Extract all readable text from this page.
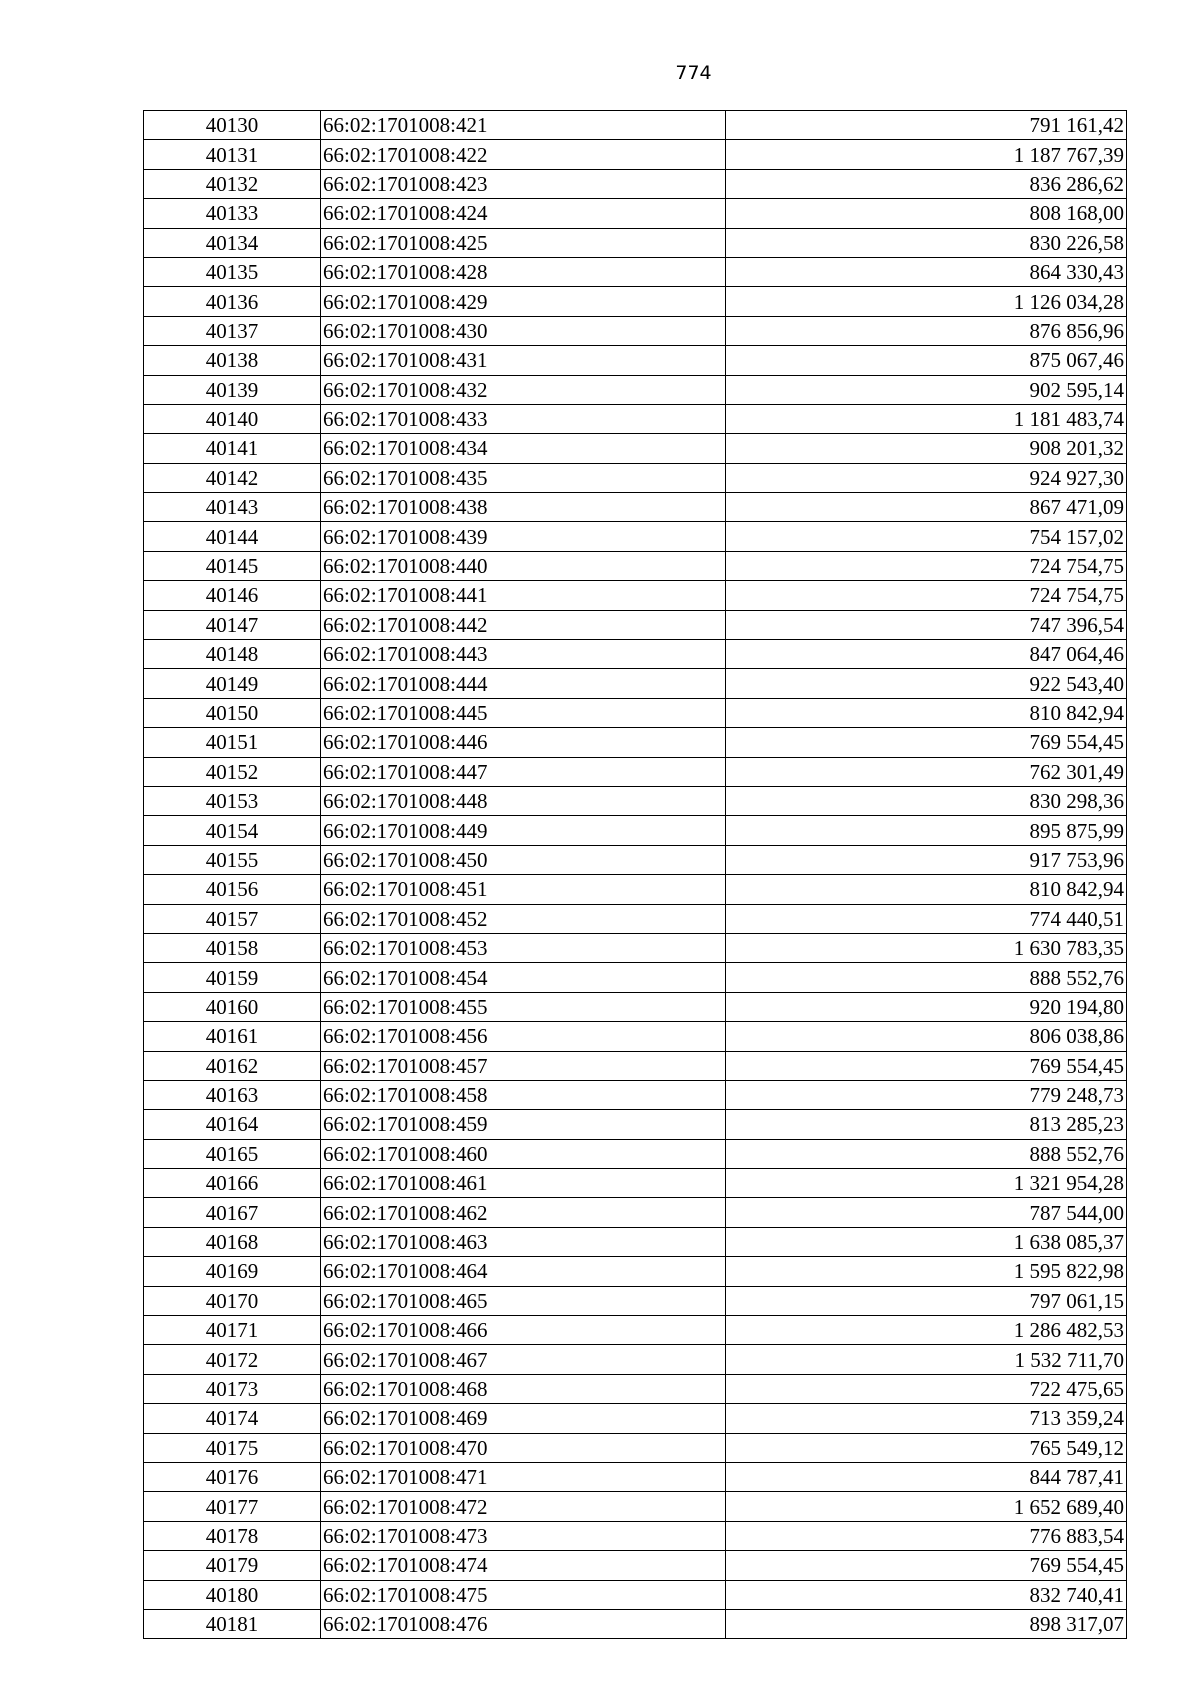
774
40130	66:02:1701008:421	791 161,42
40131	66:02:1701008:422	1 187 767,39
40132	66:02:1701008:423	836 286,62
40133	66:02:1701008:424	808 168,00
40134	66:02:1701008:425	830 226,58
40135	66:02:1701008:428	864 330,43
40136	66:02:1701008:429	1 126 034,28
40137	66:02:1701008:430	876 856,96
40138	66:02:1701008:431	875 067,46
40139	66:02:1701008:432	902 595,14
40140	66:02:1701008:433	1 181 483,74
40141	66:02:1701008:434	908 201,32
40142	66:02:1701008:435	924 927,30
40143	66:02:1701008:438	867 471,09
40144	66:02:1701008:439	754 157,02
40145	66:02:1701008:440	724 754,75
40146	66:02:1701008:441	724 754,75
40147	66:02:1701008:442	747 396,54
40148	66:02:1701008:443	847 064,46
40149	66:02:1701008:444	922 543,40
40150	66:02:1701008:445	810 842,94
40151	66:02:1701008:446	769 554,45
40152	66:02:1701008:447	762 301,49
40153	66:02:1701008:448	830 298,36
40154	66:02:1701008:449	895 875,99
40155	66:02:1701008:450	917 753,96
40156	66:02:1701008:451	810 842,94
40157	66:02:1701008:452	774 440,51
40158	66:02:1701008:453	1 630 783,35
40159	66:02:1701008:454	888 552,76
40160	66:02:1701008:455	920 194,80
40161	66:02:1701008:456	806 038,86
40162	66:02:1701008:457	769 554,45
40163	66:02:1701008:458	779 248,73
40164	66:02:1701008:459	813 285,23
40165	66:02:1701008:460	888 552,76
40166	66:02:1701008:461	1 321 954,28
40167	66:02:1701008:462	787 544,00
40168	66:02:1701008:463	1 638 085,37
40169	66:02:1701008:464	1 595 822,98
40170	66:02:1701008:465	797 061,15
40171	66:02:1701008:466	1 286 482,53
40172	66:02:1701008:467	1 532 711,70
40173	66:02:1701008:468	722 475,65
40174	66:02:1701008:469	713 359,24
40175	66:02:1701008:470	765 549,12
40176	66:02:1701008:471	844 787,41
40177	66:02:1701008:472	1 652 689,40
40178	66:02:1701008:473	776 883,54
40179	66:02:1701008:474	769 554,45
40180	66:02:1701008:475	832 740,41
40181	66:02:1701008:476	898 317,07
